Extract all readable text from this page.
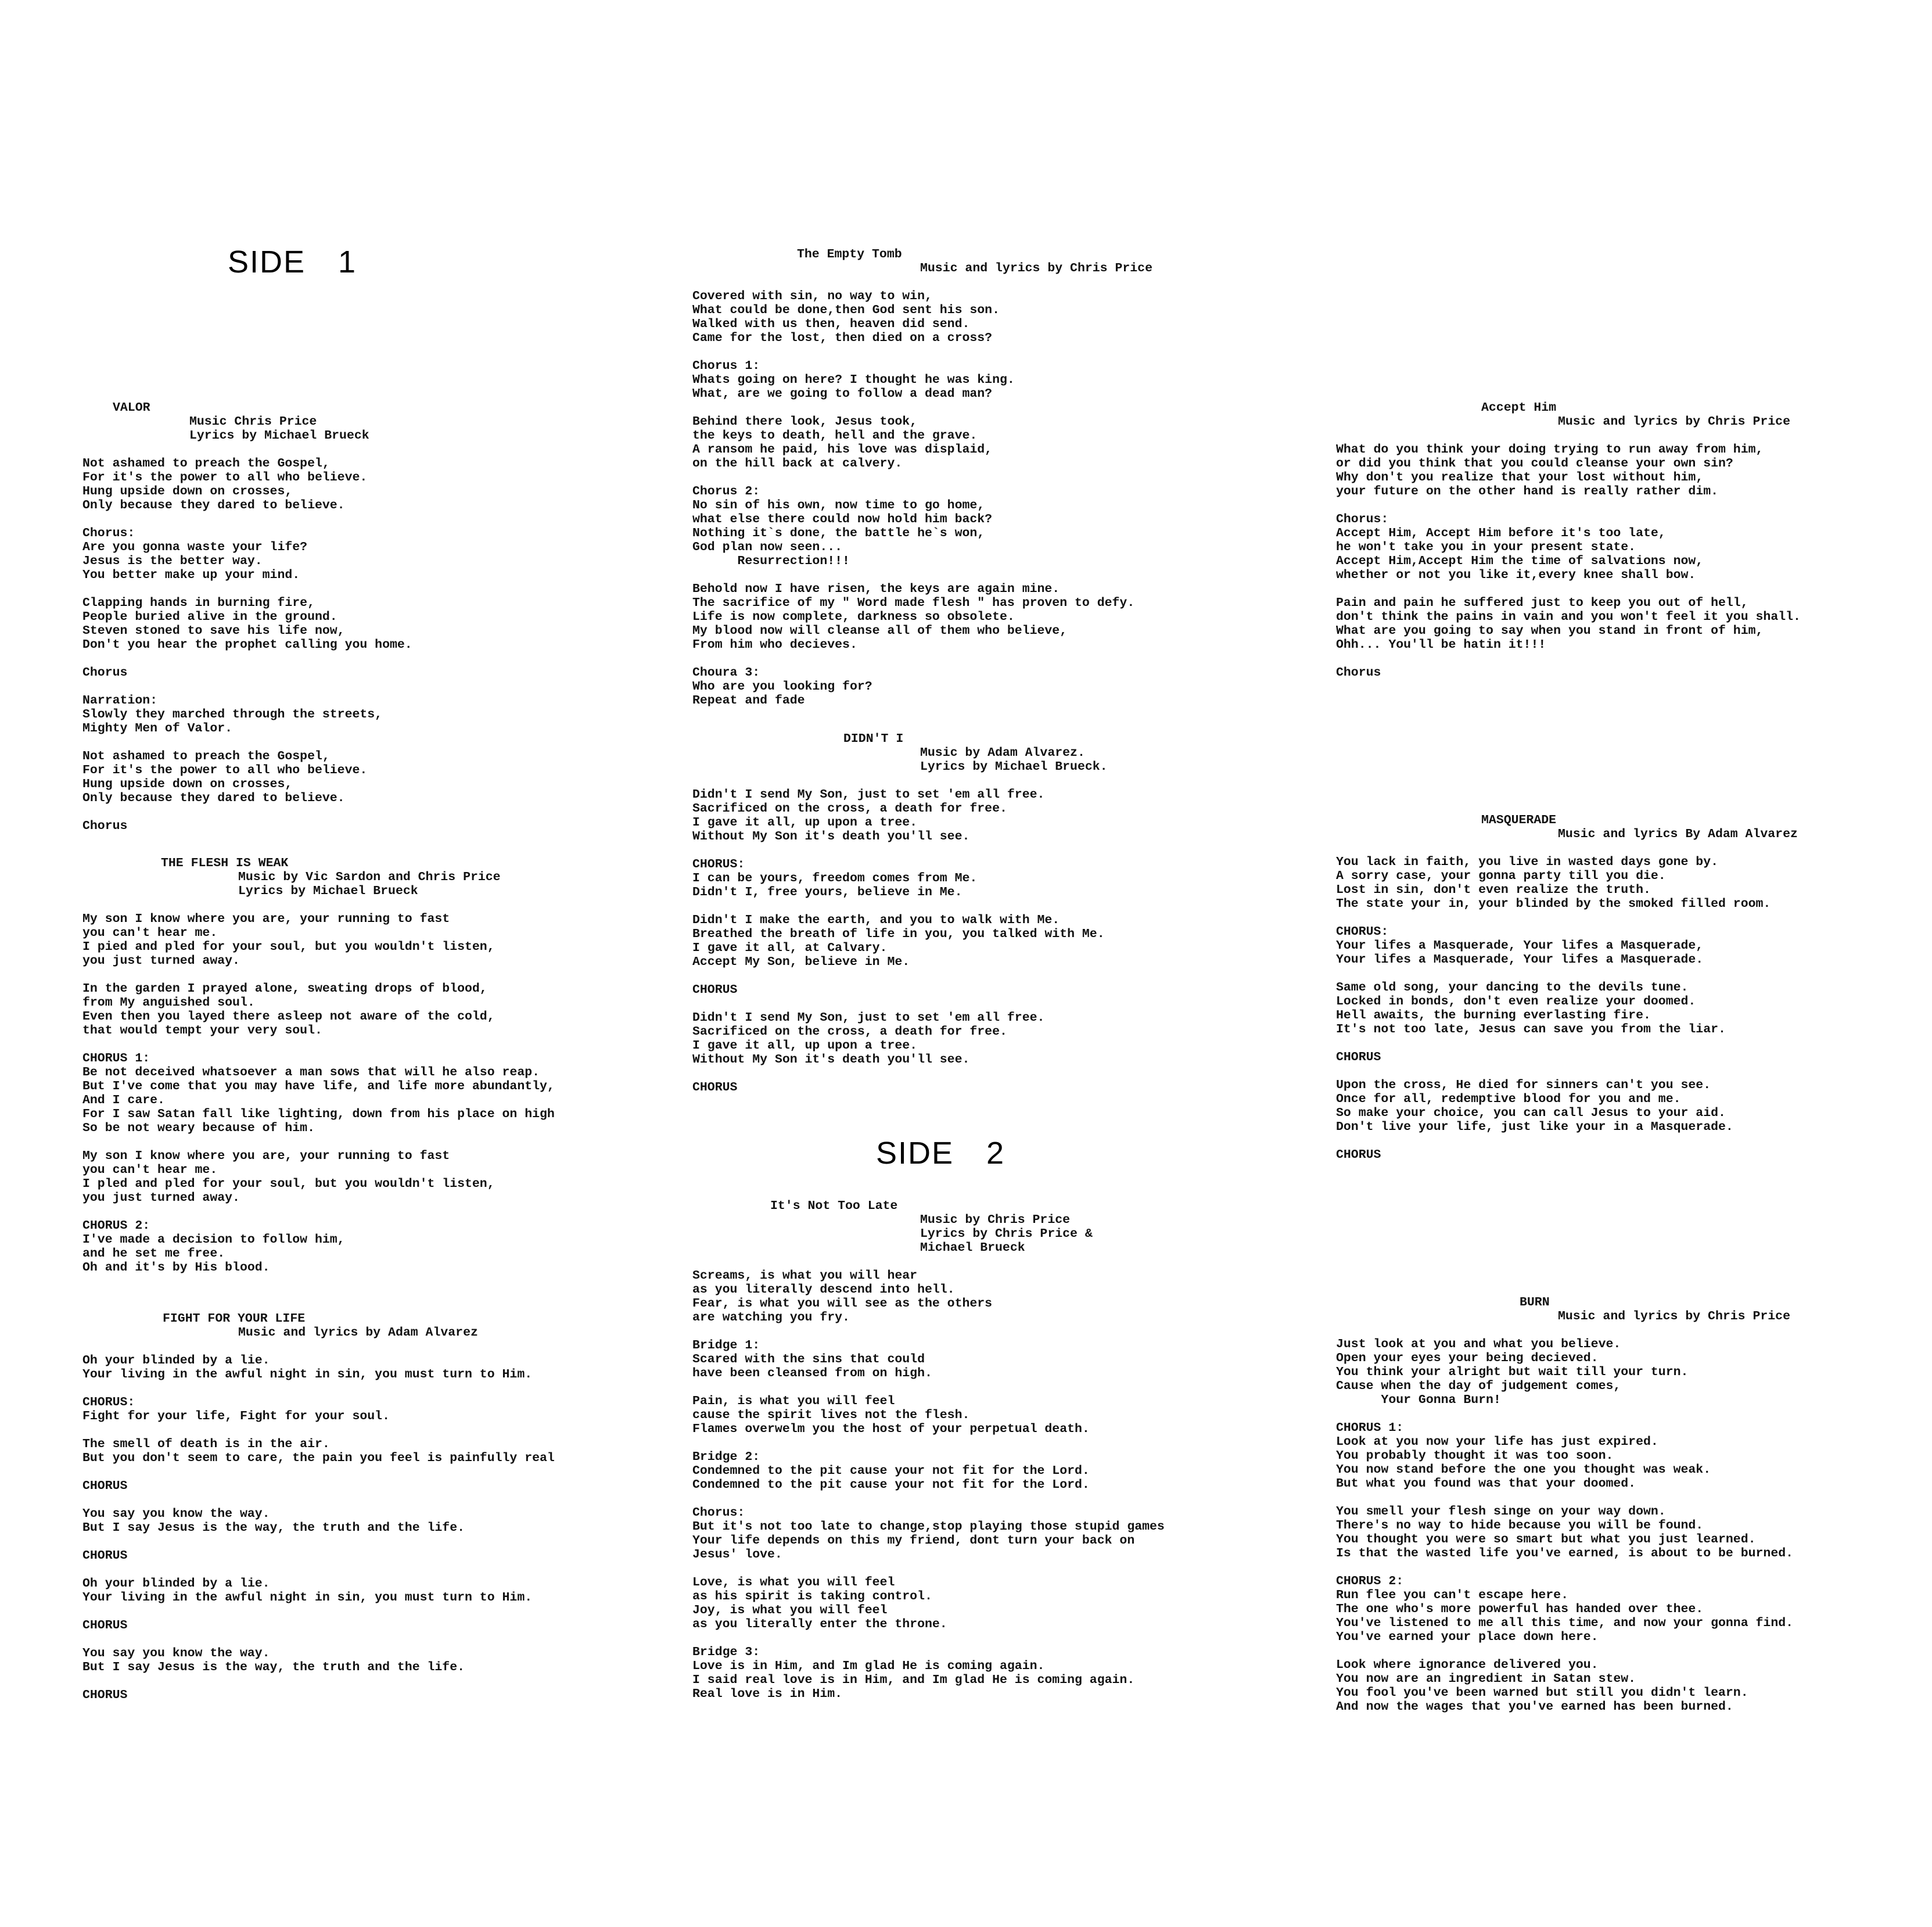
SIDE 1
VALOR
Music Chris Price
Lyrics by Michael Brueck
Not ashamed to preach the Gospel,
For it's the power to all who believe.
Hung upside down on crosses,
Only because they dared to believe.
Chorus:
Are you gonna waste your life?
Jesus is the better way.
You better make up your mind.
Clapping hands in burning fire,
People buried alive in the ground.
Steven stoned to save his life now,
Don't you hear the prophet calling you home.
Chorus
Narration:
Slowly they marched through the streets,
Mighty Men of Valor.
Not ashamed to preach the Gospel,
For it's the power to all who believe.
Hung upside down on crosses,
Only because they dared to believe.
Chorus
THE FLESH IS WEAK
Music by Vic Sardon and Chris Price
Lyrics by Michael Brueck
My son I know where you are, your running to fast
you can't hear me.
I pied and pled for your soul, but you wouldn't listen,
you just turned away.
In the garden I prayed alone, sweating drops of blood,
from My anguished soul.
Even then you layed there asleep not aware of the cold,
that would tempt your very soul.
CHORUS 1:
Be not deceived whatsoever a man sows that will he also reap.
But I've come that you may have life, and life more abundantly,
And I care.
For I saw Satan fall like lighting, down from his place on high
So be not weary because of him.
My son I know where you are, your running to fast
you can't hear me.
I pled and pled for your soul, but you wouldn't listen,
you just turned away.
CHORUS 2:
I've made a decision to follow him,
and he set me free.
Oh and it's by His blood.
FIGHT FOR YOUR LIFE
Music and lyrics by Adam Alvarez
Oh your blinded by a lie.
Your living in the awful night in sin, you must turn to Him.
CHORUS:
Fight for your life, Fight for your soul.
The smell of death is in the air.
But you don't seem to care, the pain you feel is painfully real
CHORUS
You say you know the way.
But I say Jesus is the way, the truth and the life.
CHORUS
Oh your blinded by a lie.
Your living in the awful night in sin, you must turn to Him.
CHORUS
You say you know the way.
But I say Jesus is the way, the truth and the life.
CHORUS
The Empty Tomb
Music and lyrics by Chris Price
Covered with sin, no way to win,
What could be done,then God sent his son.
Walked with us then, heaven did send.
Came for the lost, then died on a cross?
Chorus 1:
Whats going on here? I thought he was king.
What, are we going to follow a dead man?
Behind there look, Jesus took,
the keys to death, hell and the grave.
A ransom he paid, his love was displaid,
on the hill back at calvery.
Chorus 2:
No sin of his own, now time to go home,
what else there could now hold him back?
Nothing it`s done, the battle he`s won,
God plan now seen...
Resurrection!!!
Behold now I have risen, the keys are again mine.
The sacrifice of my " Word made flesh " has proven to defy.
Life is now complete, darkness so obsolete.
My blood now will cleanse all of them who believe,
From him who decieves.
Choura 3:
Who are you looking for?
Repeat and fade
DIDN'T I
Music by Adam Alvarez.
Lyrics by Michael Brueck.
Didn't I send My Son, just to set 'em all free.
Sacrificed on the cross, a death for free.
I gave it all, up upon a tree.
Without My Son it's death you'll see.
CHORUS:
I can be yours, freedom comes from Me.
Didn't I, free yours, believe in Me.
Didn't I make the earth, and you to walk with Me.
Breathed the breath of life in you, you talked with Me.
I gave it all, at Calvary.
Accept My Son, believe in Me.
CHORUS
Didn't I send My Son, just to set 'em all free.
Sacrificed on the cross, a death for free.
I gave it all, up upon a tree.
Without My Son it's death you'll see.
CHORUS
SIDE 2
It's Not Too Late
Music by Chris Price
Lyrics by Chris Price &
Michael Brueck
Screams, is what you will hear
as you literally descend into hell.
Fear, is what you will see as the others
are watching you fry.
Bridge 1:
Scared with the sins that could
have been cleansed from on high.
Pain, is what you will feel
cause the spirit lives not the flesh.
Flames overwelm you the host of your perpetual death.
Bridge 2:
Condemned to the pit cause your not fit for the Lord.
Condemned to the pit cause your not fit for the Lord.
Chorus:
But it's not too late to change,stop playing those stupid games
Your life depends on this my friend, dont turn your back on
Jesus' love.
Love, is what you will feel
as his spirit is taking control.
Joy, is what you will feel
as you literally enter the throne.
Bridge 3:
Love is in Him, and Im glad He is coming again.
I said real love is in Him, and Im glad He is coming again.
Real love is in Him.
Accept Him
Music and lyrics by Chris Price
What do you think your doing trying to run away from him,
or did you think that you could cleanse your own sin?
Why don't you realize that your lost without him,
your future on the other hand is really rather dim.
Chorus:
Accept Him, Accept Him before it's too late,
he won't take you in your present state.
Accept Him,Accept Him the time of salvations now,
whether or not you like it,every knee shall bow.
Pain and pain he suffered just to keep you out of hell,
don't think the pains in vain and you won't feel it you shall.
What are you going to say when you stand in front of him,
Ohh... You'll be hatin it!!!
Chorus
MASQUERADE
Music and lyrics By Adam Alvarez
You lack in faith, you live in wasted days gone by.
A sorry case, your gonna party till you die.
Lost in sin, don't even realize the truth.
The state your in, your blinded by the smoked filled room.
CHORUS:
Your lifes a Masquerade, Your lifes a Masquerade,
Your lifes a Masquerade, Your lifes a Masquerade.
Same old song, your dancing to the devils tune.
Locked in bonds, don't even realize your doomed.
Hell awaits, the burning everlasting fire.
It's not too late, Jesus can save you from the liar.
CHORUS
Upon the cross, He died for sinners can't you see.
Once for all, redemptive blood for you and me.
So make your choice, you can call Jesus to your aid.
Don't live your life, just like your in a Masquerade.
CHORUS
BURN
Music and lyrics by Chris Price
Just look at you and what you believe.
Open your eyes your being decieved.
You think your alright but wait till your turn.
Cause when the day of judgement comes,
Your Gonna Burn!
CHORUS 1:
Look at you now your life has just expired.
You probably thought it was too soon.
You now stand before the one you thought was weak.
But what you found was that your doomed.
You smell your flesh singe on your way down.
There's no way to hide because you will be found.
You thought you were so smart but what you just learned.
Is that the wasted life you've earned, is about to be burned.
CHORUS 2:
Run flee you can't escape here.
The one who's more powerful has handed over thee.
You've listened to me all this time, and now your gonna find.
You've earned your place down here.
Look where ignorance delivered you.
You now are an ingredient in Satan stew.
You fool you've been warned but still you didn't learn.
And now the wages that you've earned has been burned.
